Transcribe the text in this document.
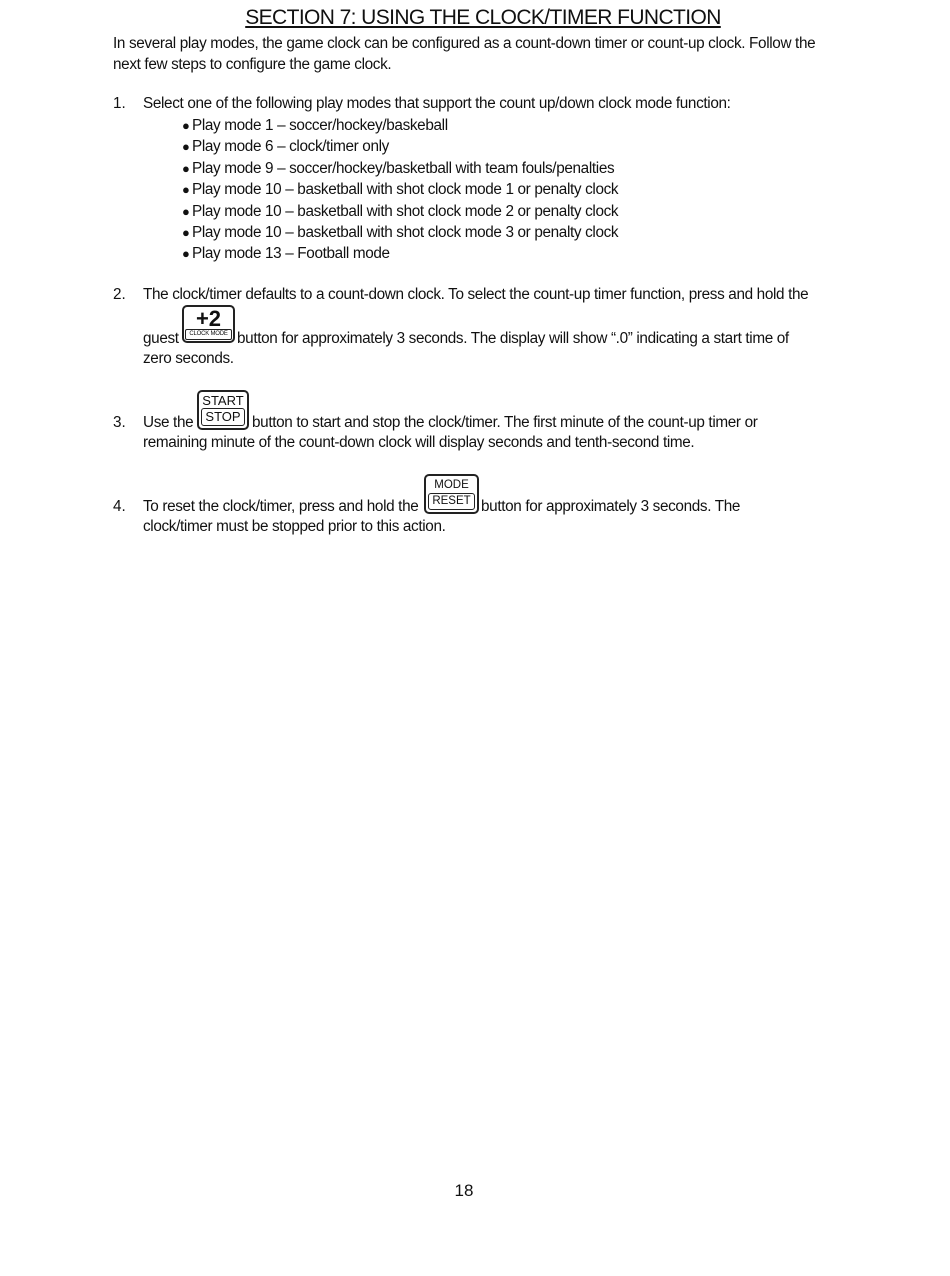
SECTION 7: USING THE CLOCK/TIMER FUNCTION
In several play modes, the game clock can be configured as a count-down timer or count-up clock. Follow the next few steps to configure the game clock.
1. Select one of the following play modes that support the count up/down clock mode function:
● Play mode 1 – soccer/hockey/baskeball
● Play mode 6 – clock/timer only
● Play mode 9 – soccer/hockey/basketball with team fouls/penalties
● Play mode 10 – basketball with shot clock mode 1 or penalty clock
● Play mode 10 – basketball with shot clock mode 2 or penalty clock
● Play mode 10 – basketball with shot clock mode 3 or penalty clock
● Play mode 13 – Football mode
2. The clock/timer defaults to a count-down clock. To select the count-up timer function, press and hold the
guest
+2
CLOCK MODE button for approximately 3 seconds. The display will show “.0” indicating a start time of
zero seconds.
3. Use the
START
STOP button to start and stop the clock/timer. The first minute of the count-up timer or
remaining minute of the count-down clock will display seconds and tenth-second time.
4. To reset the clock/timer, press and hold the
MODE
RESET button for approximately 3 seconds. The
clock/timer must be stopped prior to this action.
18
